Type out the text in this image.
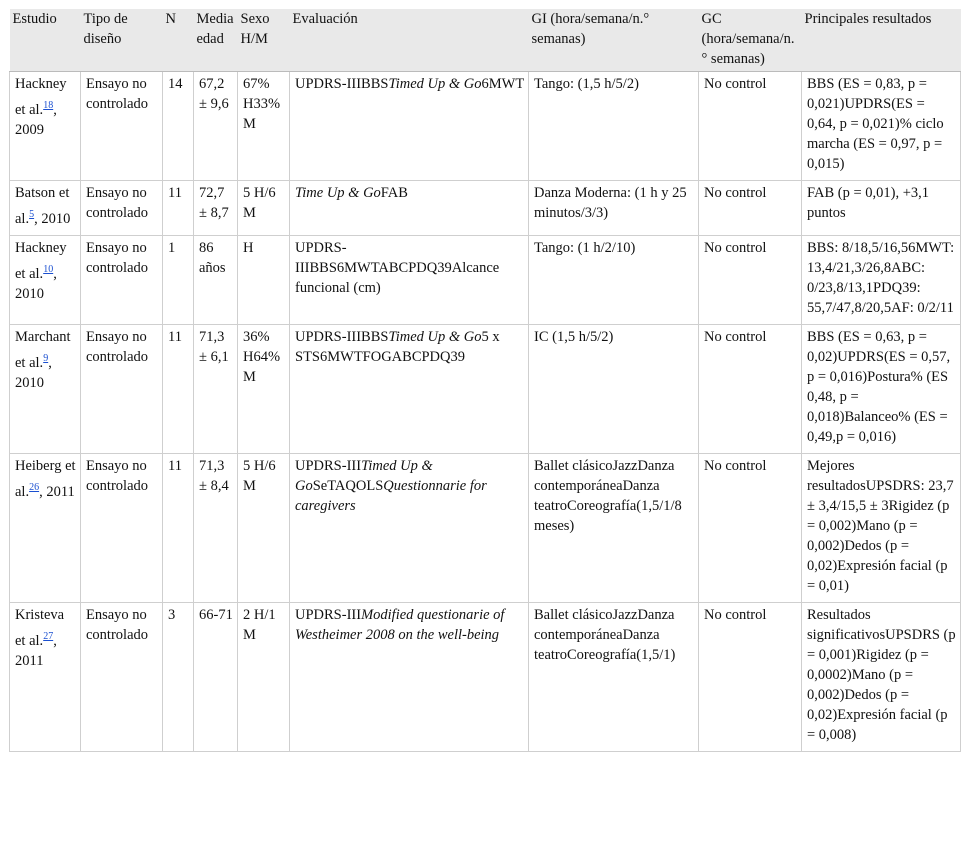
Estudio	Tipo de diseño	N	Media edad	Sexo H/M	Evaluación	GI (hora/semana/n.° semanas)	GC (hora/semana/n.° semanas)	Principales resultados
Hackney et al.$^{18}$, 2009	Ensayo no controlado	14	67,2 ± 9,6	67% H33% M	UPDRS-IIIBBSTimed Up & Go6MWT	Tango: (1,5 h/5/2)	No control	BBS (ES = 0,83, p = 0,021)UPDRS(ES = 0,64, p = 0,021)% ciclo marcha (ES = 0,97, p = 0,015)
Batson et al.$^5$, 2010	Ensayo no controlado	11	72,7 ± 8,7	5 H/6 M	Time Up & GoFAB	Danza Moderna: (1 h y 25 minutos/3/3)	No control	FAB (p = 0,01), +3,1 puntos
Hackney et al.$^{10}$, 2010	Ensayo no controlado	1	86 años	H	UPDRS-IIIBBS6MWTABCPDQ39Alcance funcional (cm)	Tango: (1 h/2/10)	No control	BBS: 8/18,5/16,56MWT: 13,4/21,3/26,8ABC: 0/23,8/13,1PDQ39: 55,7/47,8/20,5AF: 0/2/11
Marchant et al.$^9$, 2010	Ensayo no controlado	11	71,3 ± 6,1	36% H64% M	UPDRS-IIIBBSTimed Up & Go5 x STS6MWTFOGABCPDQ39	IC (1,5 h/5/2)	No control	BBS (ES = 0,63, p = 0,02)UPDRS(ES = 0,57, p = 0,016)Postura% (ES 0,48, p = 0,018)Balanceo% (ES = 0,49,p = 0,016)
Heiberg et al.$^{26}$, 2011	Ensayo no controlado	11	71,3 ± 8,4	5 H/6 M	UPDRS-IIITimed Up & GoSeTAQOLSQuestionnarie for caregivers	Ballet clásicoJazzDanza contemporáneaDanza teatroCoreografía(1,5/1/8 meses)	No control	Mejores resultadosUPSDRS: 23,7 ± 3,4/15,5 ± 3Rigidez (p = 0,002)Mano (p = 0,002)Dedos (p = 0,02)Expresión facial (p = 0,01)
Kristeva et al.$^{27}$, 2011	Ensayo no controlado	3	66-71	2 H/1 M	UPDRS-IIIModified questionarie of Westheimer 2008 on the well-being	Ballet clásicoJazzDanza contemporáneaDanza teatroCoreografía(1,5/1)	No control	Resultados significativosUPSDRS (p = 0,001)Rigidez (p = 0,0002)Mano (p = 0,002)Dedos (p = 0,02)Expresión facial (p = 0,008)
